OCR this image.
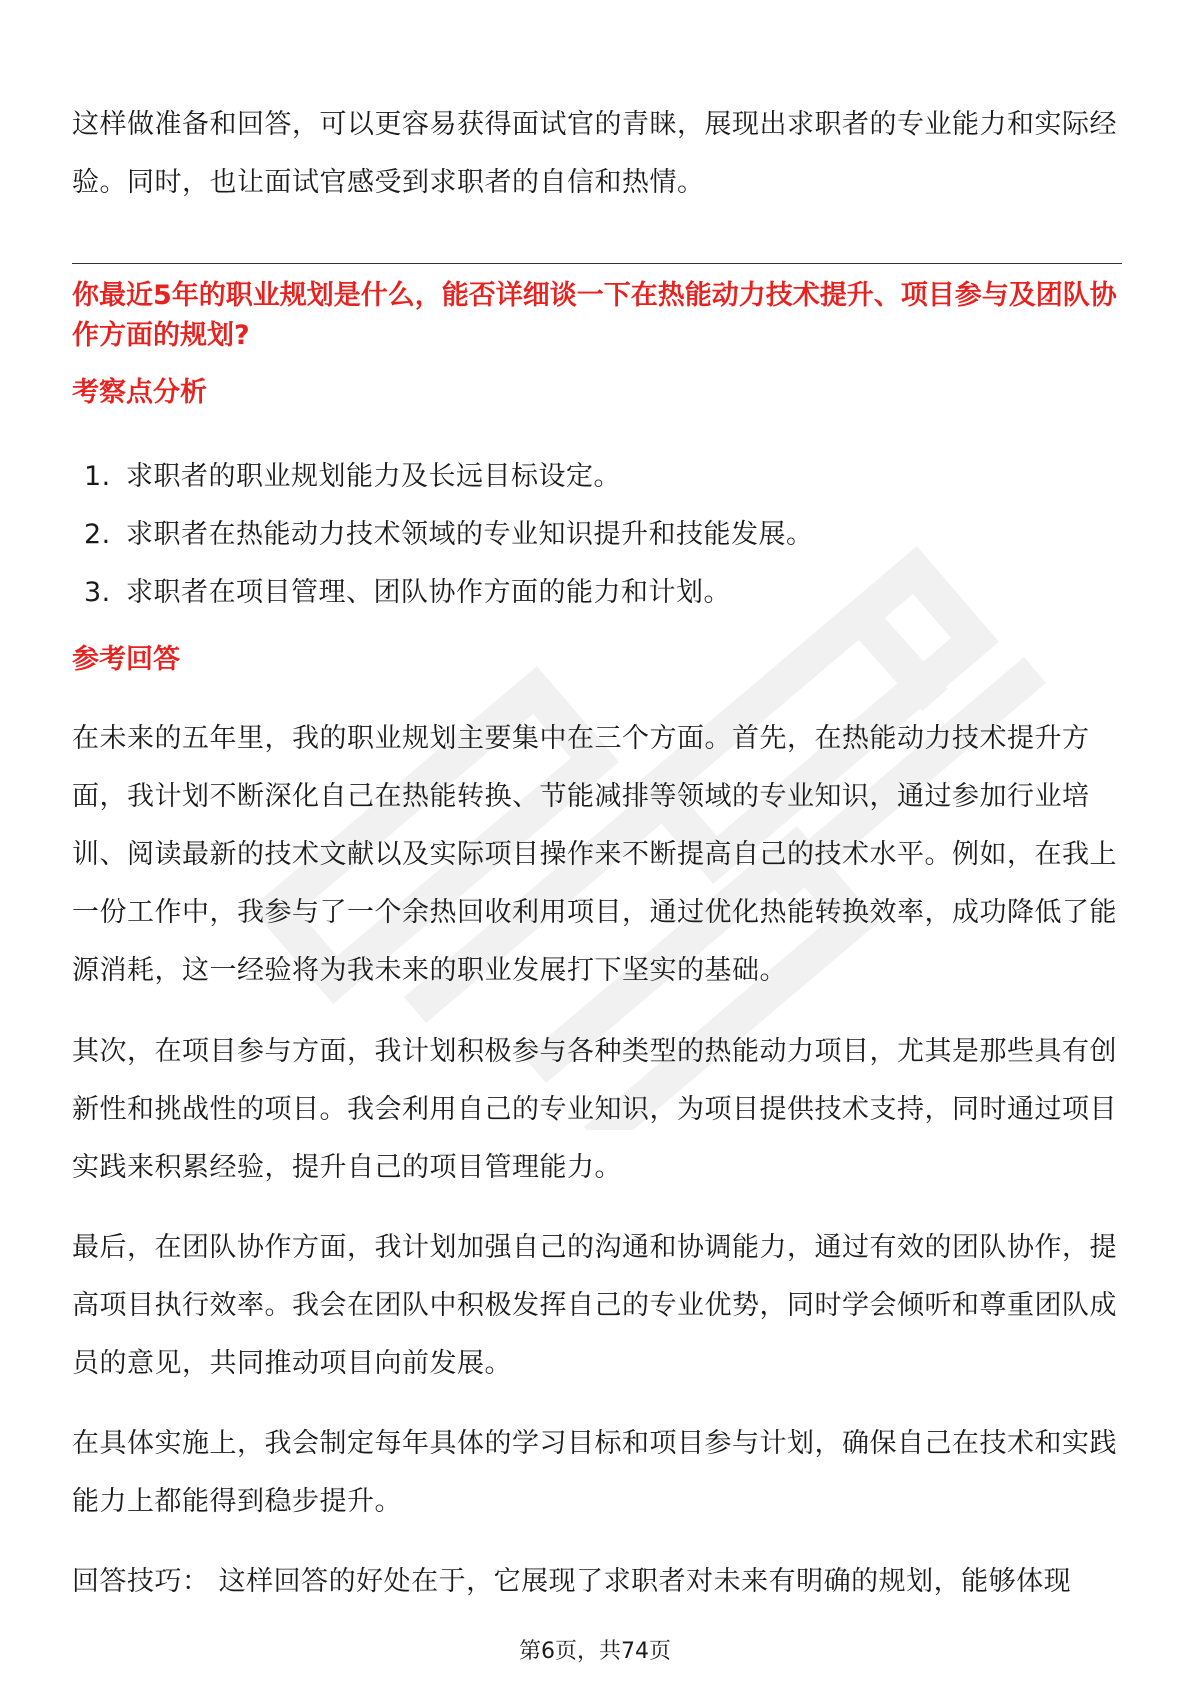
这样做准备和回答，可以更容易获得面试官的青睐，展现出求职者的专业能力和实际经验。同时，也让面试官感受到求职者的自信和热情。

你最近5年的职业规划是什么，能否详细谈一下在热能动力技术提升、项目参与及团队协作方面的规划?

考察点分析
1. 求职者的职业规划能力及长远目标设定。
2. 求职者在热能动力技术领域的专业知识提升和技能发展。
3. 求职者在项目管理、团队协作方面的能力和计划。
参考回答

在未来的五年里，我的职业规划主要集中在三个方面。首先，在热能动力技术提升方面，我计划不断深化自己在热能转换、节能减排等领域的专业知识，通过参加行业培训、阅读最新的技术文献以及实际项目操作来不断提高自己的技术水平。例如，在我上一份工作中，我参与了一个余热回收利用项目，通过优化热能转换效率，成功降低了能源消耗，这一经验将为我未来的职业发展打下坚实的基础。

其次，在项目参与方面，我计划积极参与各种类型的热能动力项目，尤其是那些具有创新性和挑战性的项目。我会利用自己的专业知识，为项目提供技术支持，同时通过项目实践来积累经验，提升自己的项目管理能力。

最后，在团队协作方面，我计划加强自己的沟通和协调能力，通过有效的团队协作，提高项目执行效率。我会在团队中积极发挥自己的专业优势，同时学会倾听和尊重团队成员的意见，共同推动项目向前发展。

在具体实施上，我会制定每年具体的学习目标和项目参与计划，确保自己在技术和实践能力上都能得到稳步提升。

回答技巧： 这样回答的好处在于，它展现了求职者对未来有明确的规划，能够体现

第6页，共74页
